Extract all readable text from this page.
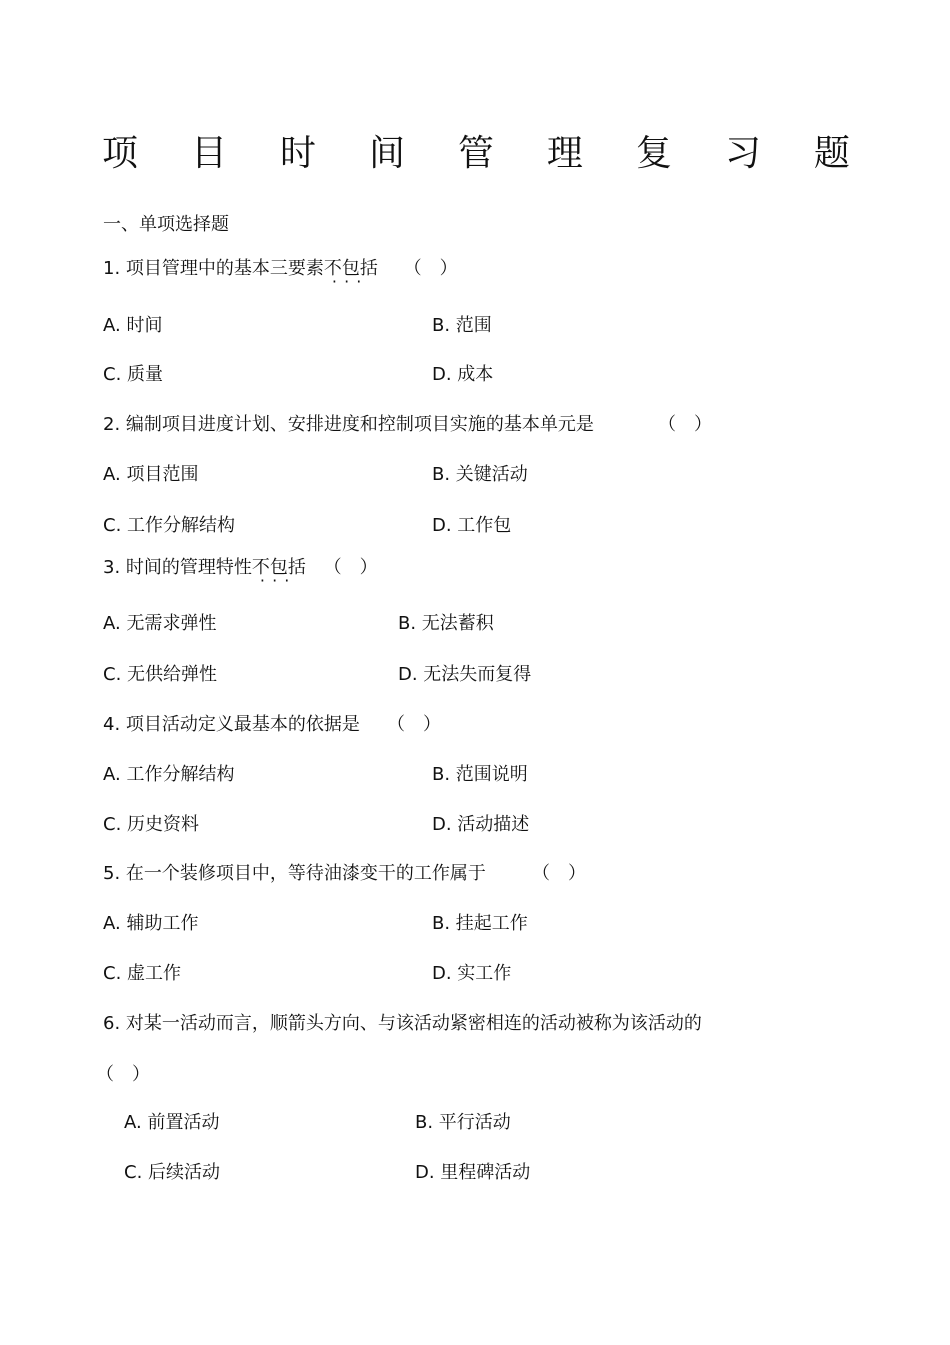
项 目 时 间 管 理 复 习 题
一、单项选择题
1. 项目管理中的基本三要素不包括 · · · （　）
A. 时间	B. 范围
C. 质量	D. 成本
2. 编制项目进度计划、安排进度和控制项目实施的基本单元是	（　）
A. 项目范围	B. 关键活动
C. 工作分解结构	D. 工作包
3. 时间的管理特性不包括 · · · （　）
A. 无需求弹性	B. 无法蓄积
C. 无供给弹性	D. 无法失而复得
4. 项目活动定义最基本的依据是 （　）
A. 工作分解结构	B. 范围说明
C. 历史资料	D. 活动描述
5. 在一个装修项目中，等待油漆变干的工作属于	（　）
A. 辅助工作	B. 挂起工作
C. 虚工作	D. 实工作
6. 对某一活动而言，顺箭头方向、与该活动紧密相连的活动被称为该活动的
（　）
A. 前置活动	B. 平行活动
C. 后续活动	D. 里程碑活动
